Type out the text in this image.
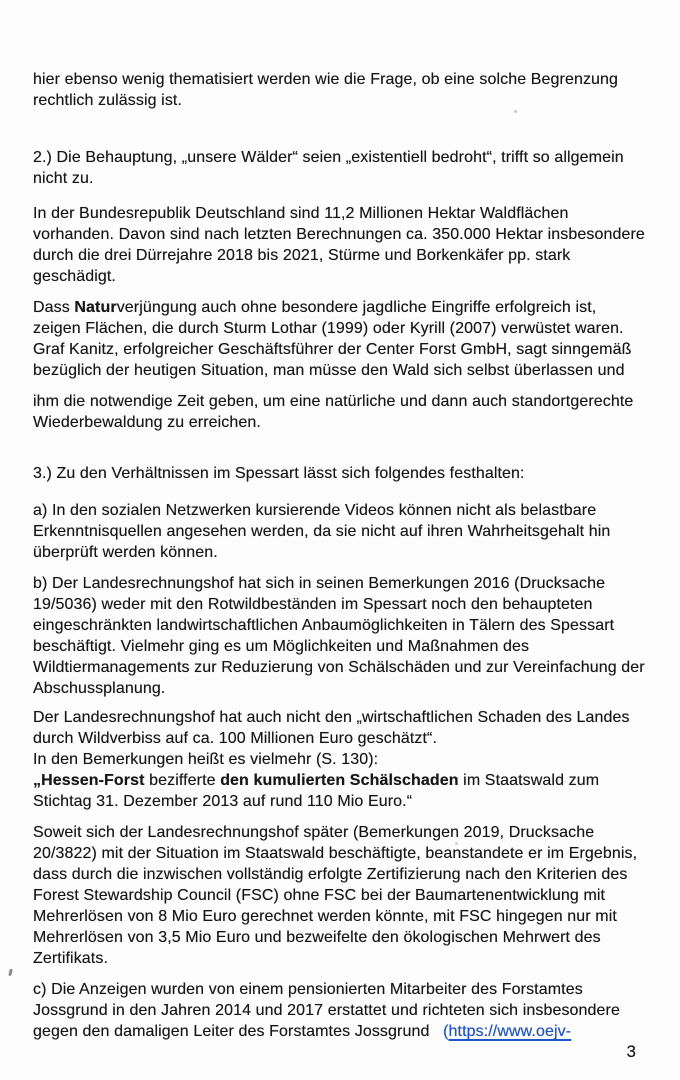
hier ebenso wenig thematisiert werden wie die Frage, ob eine solche Begrenzung
rechtlich zulässig ist.

2.) Die Behauptung, „unsere Wälder“ seien „existentiell bedroht“, trifft so allgemein
nicht zu.

In der Bundesrepublik Deutschland sind 11,2 Millionen Hektar Waldflächen
vorhanden. Davon sind nach letzten Berechnungen ca. 350.000 Hektar insbesondere
durch die drei Dürrejahre 2018 bis 2021, Stürme und Borkenkäfer pp. stark
geschädigt.

Dass Naturverjüngung auch ohne besondere jagdliche Eingriffe erfolgreich ist,
zeigen Flächen, die durch Sturm Lothar (1999) oder Kyrill (2007) verwüstet waren.
Graf Kanitz, erfolgreicher Geschäftsführer der Center Forst GmbH, sagt sinngemäß
bezüglich der heutigen Situation, man müsse den Wald sich selbst überlassen und

ihm die notwendige Zeit geben, um eine natürliche und dann auch standortgerechte
Wiederbewaldung zu erreichen.

3.) Zu den Verhältnissen im Spessart lässt sich folgendes festhalten:

a) In den sozialen Netzwerken kursierende Videos können nicht als belastbare
Erkenntnisquellen angesehen werden, da sie nicht auf ihren Wahrheitsgehalt hin
überprüft werden können.

b) Der Landesrechnungshof hat sich in seinen Bemerkungen 2016 (Drucksache
19/5036) weder mit den Rotwildbeständen im Spessart noch den behaupteten
eingeschränkten landwirtschaftlichen Anbaumöglichkeiten in Tälern des Spessart
beschäftigt. Vielmehr ging es um Möglichkeiten und Maßnahmen des
Wildtiermanagements zur Reduzierung von Schälschäden und zur Vereinfachung der
Abschussplanung.

Der Landesrechnungshof hat auch nicht den „wirtschaftlichen Schaden des Landes
durch Wildverbiss auf ca. 100 Millionen Euro geschätzt“.
In den Bemerkungen heißt es vielmehr (S. 130):
„Hessen-Forst bezifferte den kumulierten Schälschaden im Staatswald zum
Stichtag 31. Dezember 2013 auf rund 110 Mio Euro.“

Soweit sich der Landesrechnungshof später (Bemerkungen 2019, Drucksache
20/3822) mit der Situation im Staatswald beschäftigte, beanstandete er im Ergebnis,
dass durch die inzwischen vollständig erfolgte Zertifizierung nach den Kriterien des
Forest Stewardship Council (FSC) ohne FSC bei der Baumartenentwicklung mit
Mehrerlösen von 8 Mio Euro gerechnet werden könnte, mit FSC hingegen nur mit
Mehrerlösen von 3,5 Mio Euro und bezweifelte den ökologischen Mehrwert des
Zertifikats.

c) Die Anzeigen wurden von einem pensionierten Mitarbeiter des Forstamtes
Jossgrund in den Jahren 2014 und 2017 erstattet und richteten sich insbesondere
gegen den damaligen Leiter des Forstamtes Jossgrund   (https://www.oejv-

3
